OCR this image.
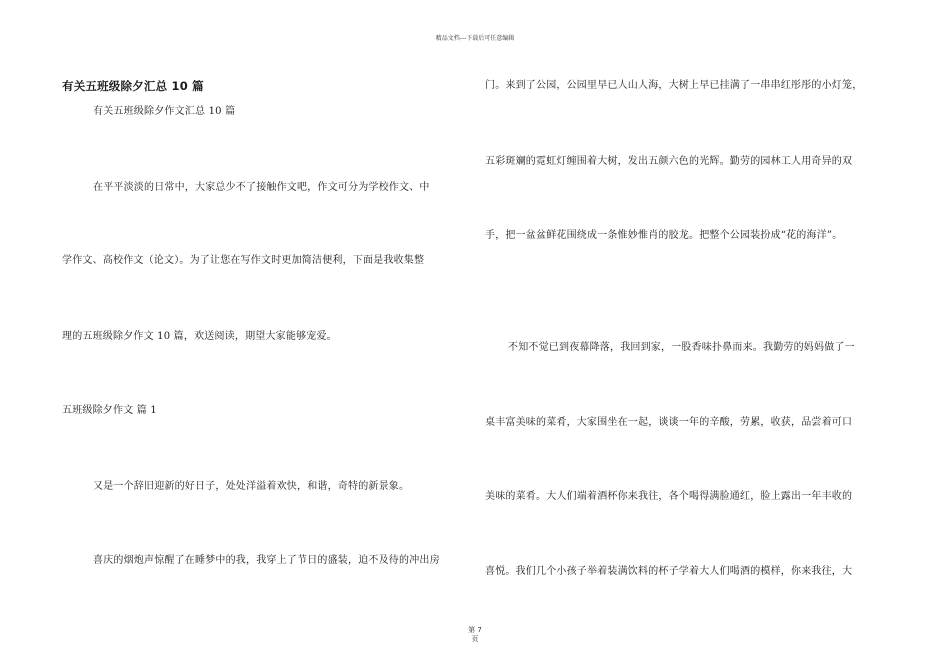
精品文档---下载后可任意编辑
有关五班级除夕汇总 10 篇
有关五班级除夕作文汇总 10 篇
在平平淡淡的日常中，大家总少不了接触作文吧，作文可分为学校作文、中
学作文、高校作文（论文）。为了让您在写作文时更加简洁便利，下面是我收集整
理的五班级除夕作文 10 篇，欢送阅读，期望大家能够宠爱。
五班级除夕作文 篇 1
又是一个辞旧迎新的好日子，处处洋溢着欢快，和谐，奇特的新景象。
喜庆的烟炮声惊醒了在睡梦中的我，我穿上了节日的盛装，迫不及待的冲出房
门。来到了公园，公园里早已人山人海，大树上早已挂满了一串串红彤彤的小灯笼，
五彩斑斓的霓虹灯缠围着大树，发出五颜六色的光辉。勤劳的园林工人用奇异的双
手，把一盆盆鲜花围绕成一条惟妙惟肖的胶龙。把整个公园装扮成“花的海洋”。
不知不觉已到夜幕降落，我回到家，一股香味扑鼻而来。我勤劳的妈妈做了一
桌丰富美味的菜肴，大家围坐在一起，谈谈一年的辛酸，劳累，收获，品尝着可口
美味的菜肴。大人们端着酒杯你来我往，各个喝得满脸通红，脸上露出一年丰收的
喜悦。我们几个小孩子举着装满饮料的杯子学着大人们喝酒的模样，你来我往，大
第 7
页
